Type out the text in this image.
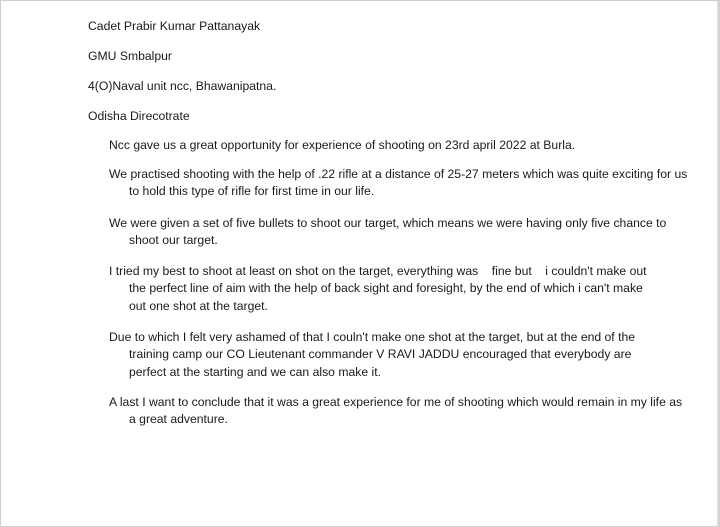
Cadet Prabir Kumar Pattanayak
GMU Smbalpur
4(O)Naval unit ncc, Bhawanipatna.
Odisha Direcotrate
Ncc gave us a great opportunity for experience of shooting on 23rd april 2022 at Burla.
We practised shooting with the help of .22 rifle at a distance of 25-27 meters which was quite exciting for us to hold this type of rifle for first time in our life.
We were given a set of five bullets to shoot our target, which means we were having only five chance to shoot our target.
I tried my best to shoot at least on shot on the target, everything was    fine but    i couldn't make out the perfect line of aim with the help of back sight and foresight, by the end of which i can't make out one shot at the target.
Due to which I felt very ashamed of that I couln't make one shot at the target, but at the end of the training camp our CO Lieutenant commander V RAVI JADDU encouraged that everybody are perfect at the starting and we can also make it.
A last I want to conclude that it was a great experience for me of shooting which would remain in my life as a great adventure.
